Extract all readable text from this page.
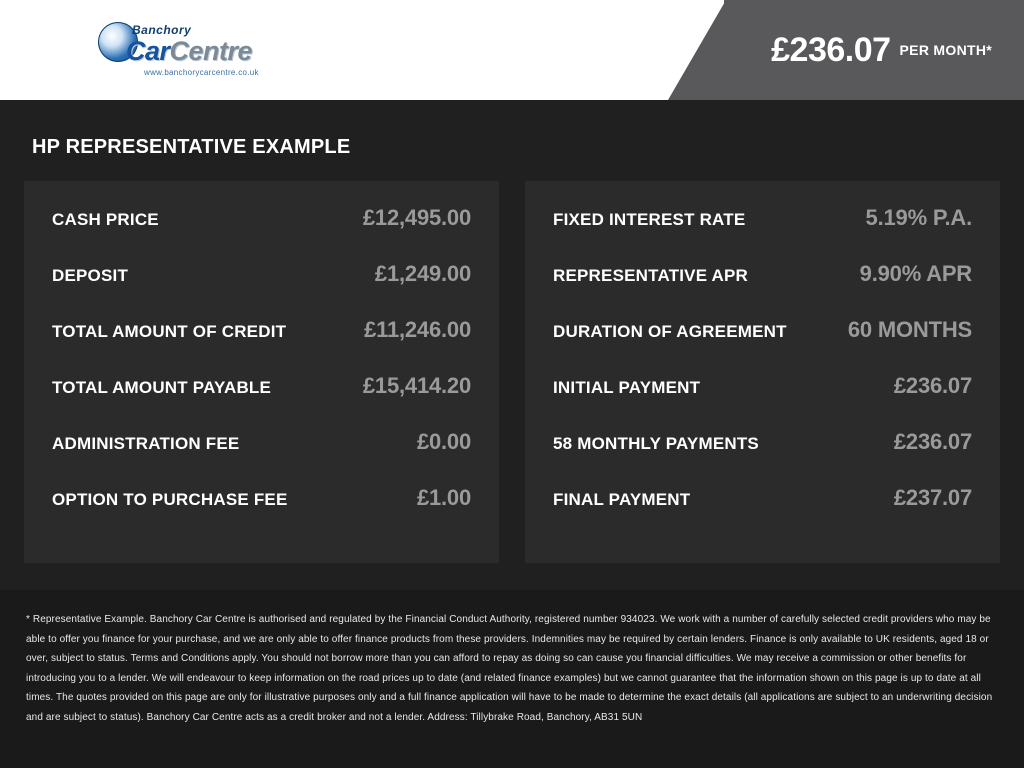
Banchory
CarCentre
www.banchorycarcentre.co.uk
£236.07 PER MONTH*
HP REPRESENTATIVE EXAMPLE
CASH PRICE	£12,495.00
DEPOSIT	£1,249.00
TOTAL AMOUNT OF CREDIT	£11,246.00
TOTAL AMOUNT PAYABLE	£15,414.20
ADMINISTRATION FEE	£0.00
OPTION TO PURCHASE FEE	£1.00
FIXED INTEREST RATE	5.19% P.A.
REPRESENTATIVE APR	9.90% APR
DURATION OF AGREEMENT	60 MONTHS
INITIAL PAYMENT	£236.07
58 MONTHLY PAYMENTS	£236.07
FINAL PAYMENT	£237.07
* Representative Example. Banchory Car Centre is authorised and regulated by the Financial Conduct Authority, registered number 934023. We work with a number of carefully selected credit providers who may be able to offer you finance for your purchase, and we are only able to offer finance products from these providers. Indemnities may be required by certain lenders. Finance is only available to UK residents, aged 18 or over, subject to status. Terms and Conditions apply. You should not borrow more than you can afford to repay as doing so can cause you financial difficulties. We may receive a commission or other benefits for introducing you to a lender. We will endeavour to keep information on the road prices up to date (and related finance examples) but we cannot guarantee that the information shown on this page is up to date at all times. The quotes provided on this page are only for illustrative purposes only and a full finance application will have to be made to determine the exact details (all applications are subject to an underwriting decision and are subject to status). Banchory Car Centre acts as a credit broker and not a lender. Address: Tillybrake Road, Banchory, AB31 5UN
